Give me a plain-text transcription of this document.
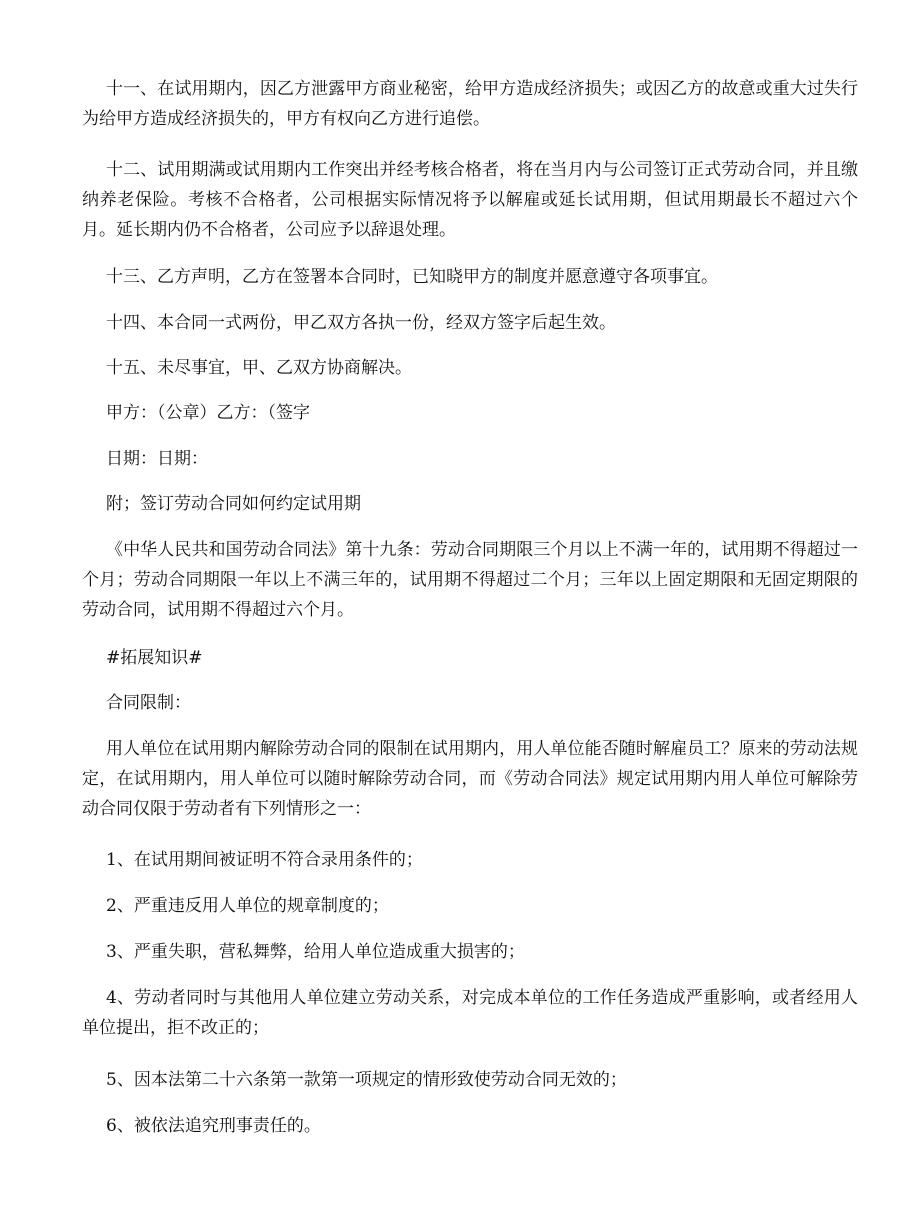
十一、在试用期内，因乙方泄露甲方商业秘密，给甲方造成经济损失；或因乙方的故意或重大过失行为给甲方造成经济损失的，甲方有权向乙方进行追偿。

十二、试用期满或试用期内工作突出并经考核合格者，将在当月内与公司签订正式劳动合同，并且缴纳养老保险。考核不合格者，公司根据实际情况将予以解雇或延长试用期，但试用期最长不超过六个月。延长期内仍不合格者，公司应予以辞退处理。

十三、乙方声明，乙方在签署本合同时，已知晓甲方的制度并愿意遵守各项事宜。

十四、本合同一式两份，甲乙双方各执一份，经双方签字后起生效。

十五、未尽事宜，甲、乙双方协商解决。

甲方：（公章）乙方：（签字

日期：日期：

附；签订劳动合同如何约定试用期

《中华人民共和国劳动合同法》第十九条：劳动合同期限三个月以上不满一年的，试用期不得超过一个月；劳动合同期限一年以上不满三年的，试用期不得超过二个月；三年以上固定期限和无固定期限的劳动合同，试用期不得超过六个月。

#拓展知识#

合同限制：

用人单位在试用期内解除劳动合同的限制在试用期内，用人单位能否随时解雇员工？原来的劳动法规定，在试用期内，用人单位可以随时解除劳动合同，而《劳动合同法》规定试用期内用人单位可解除劳动合同仅限于劳动者有下列情形之一：

1、在试用期间被证明不符合录用条件的；

2、严重违反用人单位的规章制度的；

3、严重失职，营私舞弊，给用人单位造成重大损害的；

4、劳动者同时与其他用人单位建立劳动关系，对完成本单位的工作任务造成严重影响，或者经用人单位提出，拒不改正的；

5、因本法第二十六条第一款第一项规定的情形致使劳动合同无效的；

6、被依法追究刑事责任的。
